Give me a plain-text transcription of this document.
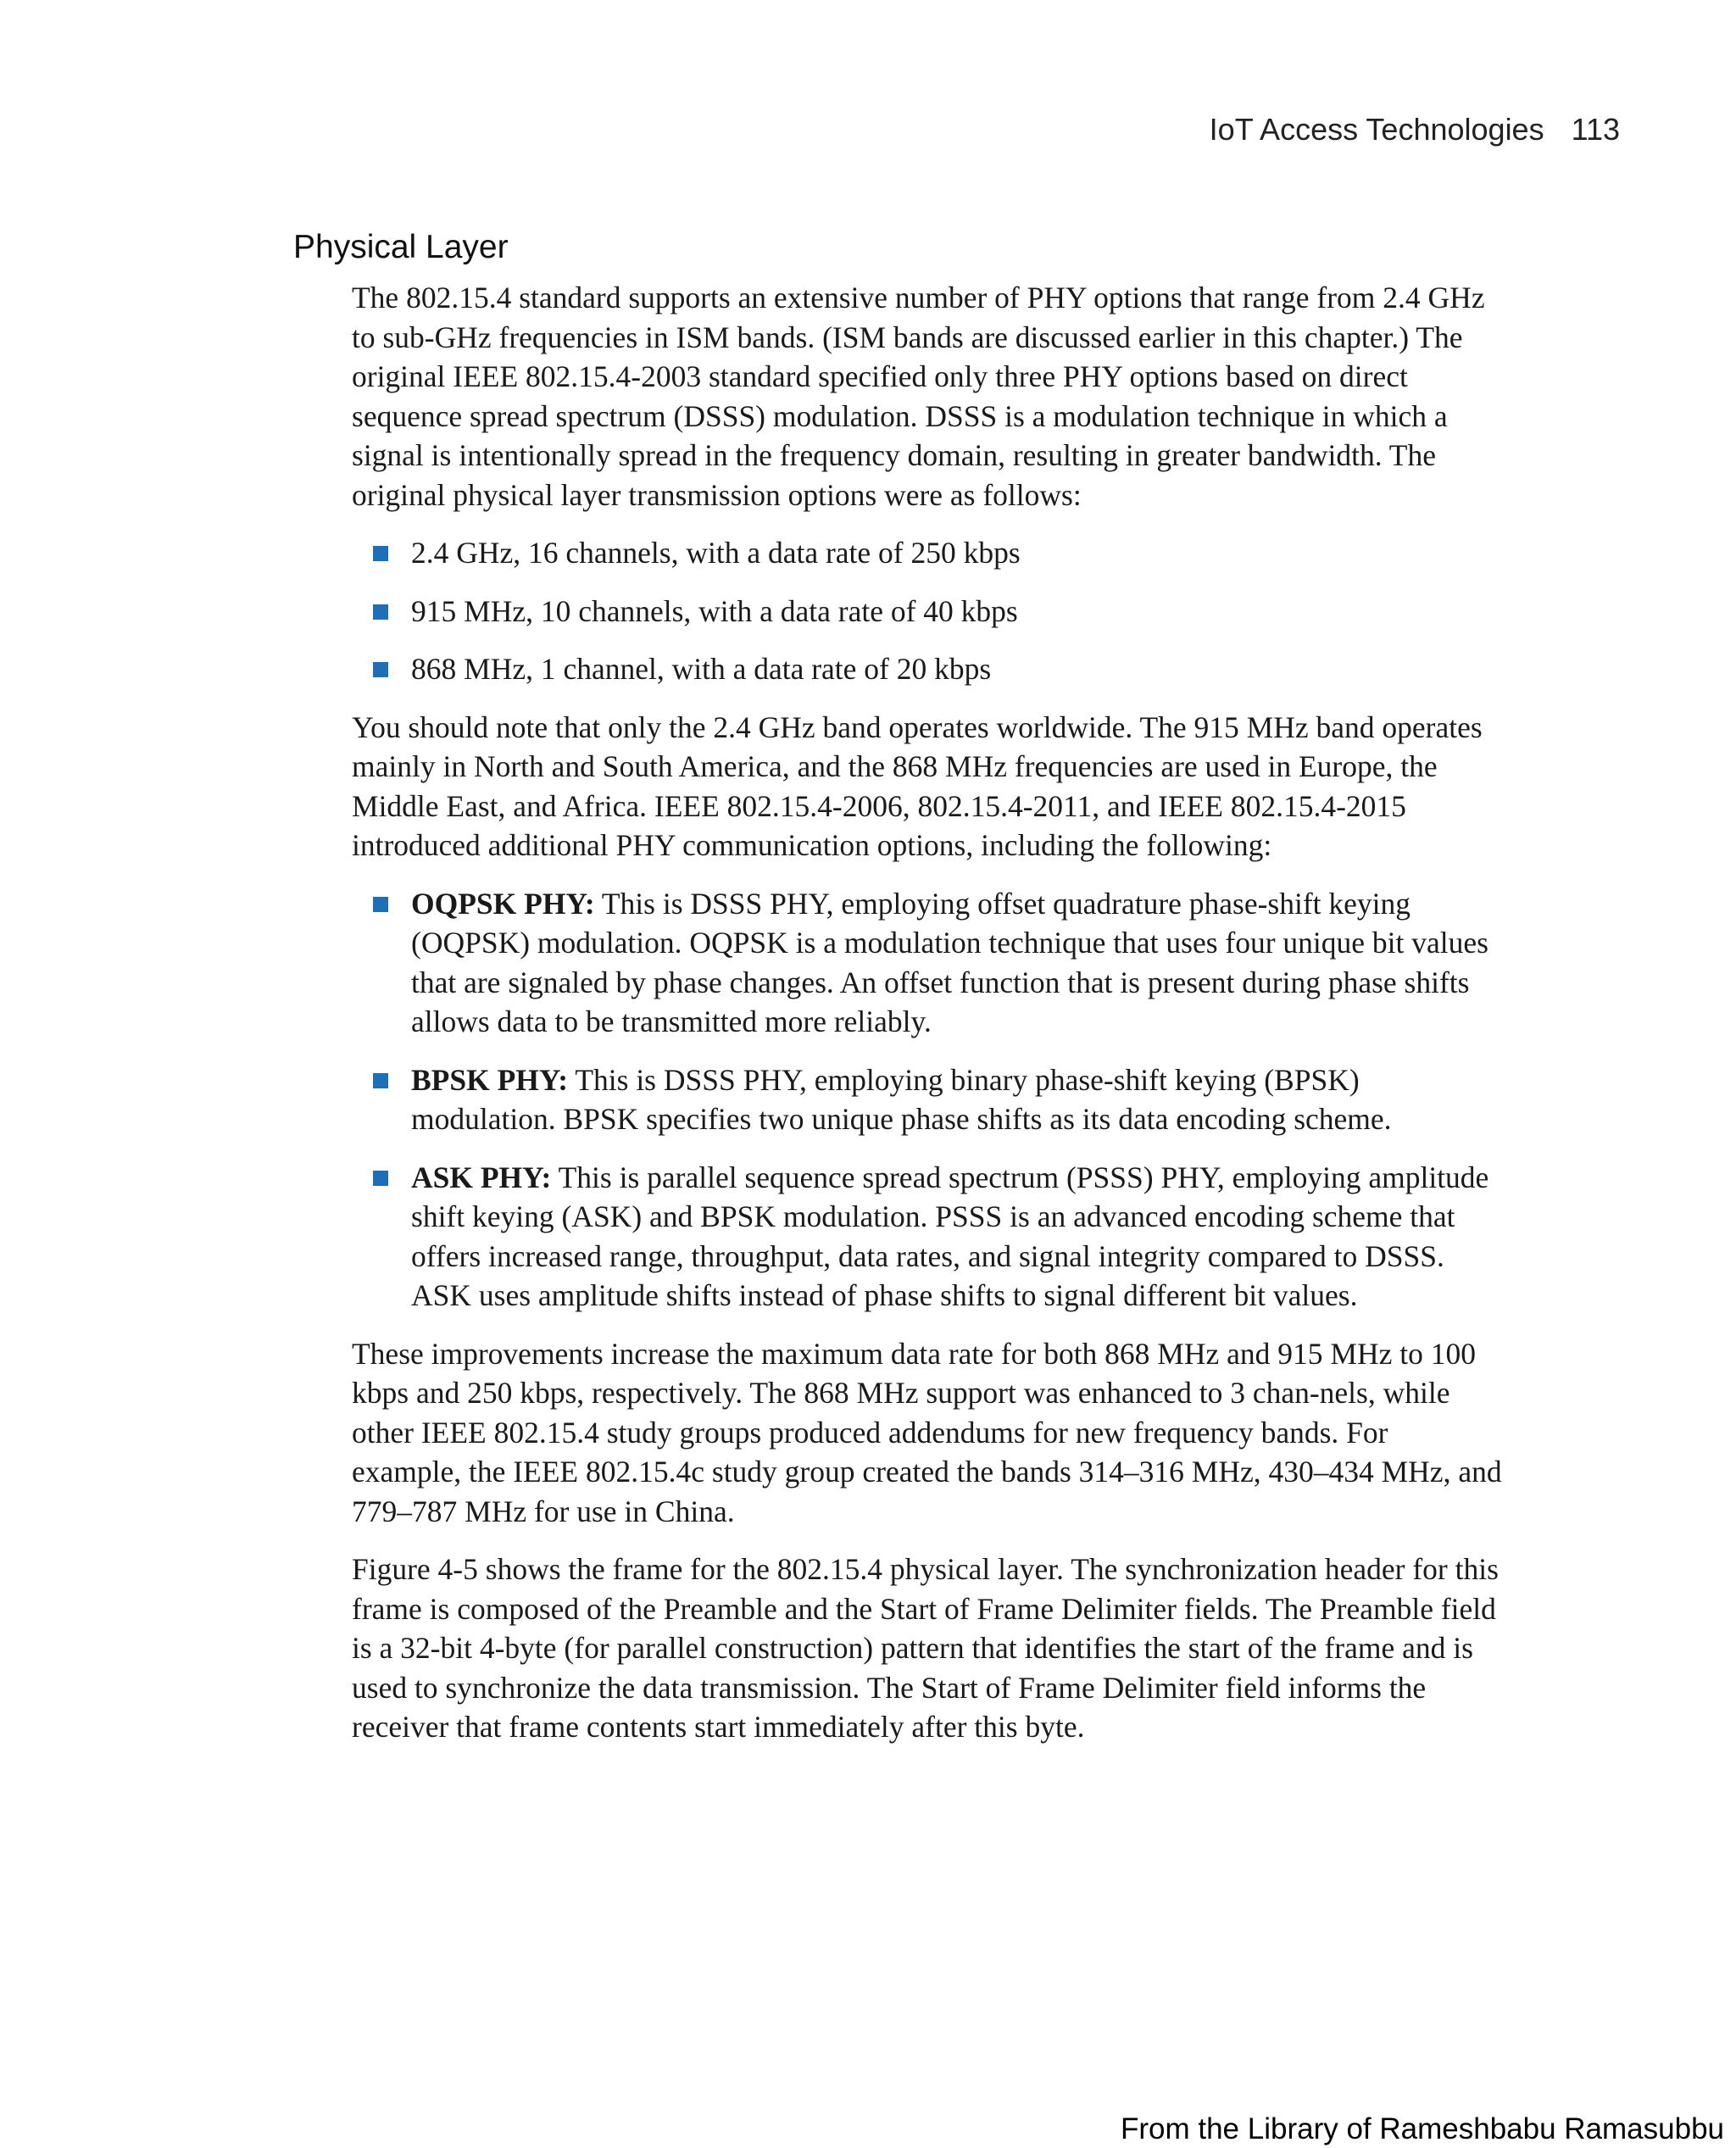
IoT Access Technologies 113
Physical Layer

The 802.15.4 standard supports an extensive number of PHY options that range from 2.4 GHz to sub-GHz frequencies in ISM bands. (ISM bands are discussed earlier in this chapter.) The original IEEE 802.15.4-2003 standard specified only three PHY options based on direct sequence spread spectrum (DSSS) modulation. DSSS is a modulation technique in which a signal is intentionally spread in the frequency domain, resulting in greater bandwidth. The original physical layer transmission options were as follows:

2.4 GHz, 16 channels, with a data rate of 250 kbps
915 MHz, 10 channels, with a data rate of 40 kbps
868 MHz, 1 channel, with a data rate of 20 kbps

You should note that only the 2.4 GHz band operates worldwide. The 915 MHz band operates mainly in North and South America, and the 868 MHz frequencies are used in Europe, the Middle East, and Africa. IEEE 802.15.4-2006, 802.15.4-2011, and IEEE 802.15.4-2015 introduced additional PHY communication options, including the following:

OQPSK PHY: This is DSSS PHY, employing offset quadrature phase-shift keying (OQPSK) modulation. OQPSK is a modulation technique that uses four unique bit values that are signaled by phase changes. An offset function that is present during phase shifts allows data to be transmitted more reliably.
BPSK PHY: This is DSSS PHY, employing binary phase-shift keying (BPSK) modulation. BPSK specifies two unique phase shifts as its data encoding scheme.
ASK PHY: This is parallel sequence spread spectrum (PSSS) PHY, employing amplitude shift keying (ASK) and BPSK modulation. PSSS is an advanced encoding scheme that offers increased range, throughput, data rates, and signal integrity compared to DSSS. ASK uses amplitude shifts instead of phase shifts to signal different bit values.

These improvements increase the maximum data rate for both 868 MHz and 915 MHz to 100 kbps and 250 kbps, respectively. The 868 MHz support was enhanced to 3 chan-nels, while other IEEE 802.15.4 study groups produced addendums for new frequency bands. For example, the IEEE 802.15.4c study group created the bands 314–316 MHz, 430–434 MHz, and 779–787 MHz for use in China.

Figure 4-5 shows the frame for the 802.15.4 physical layer. The synchronization header for this frame is composed of the Preamble and the Start of Frame Delimiter fields. The Preamble field is a 32-bit 4-byte (for parallel construction) pattern that identifies the start of the frame and is used to synchronize the data transmission. The Start of Frame Delimiter field informs the receiver that frame contents start immediately after this byte.

From the Library of Rameshbabu Ramasubbu
